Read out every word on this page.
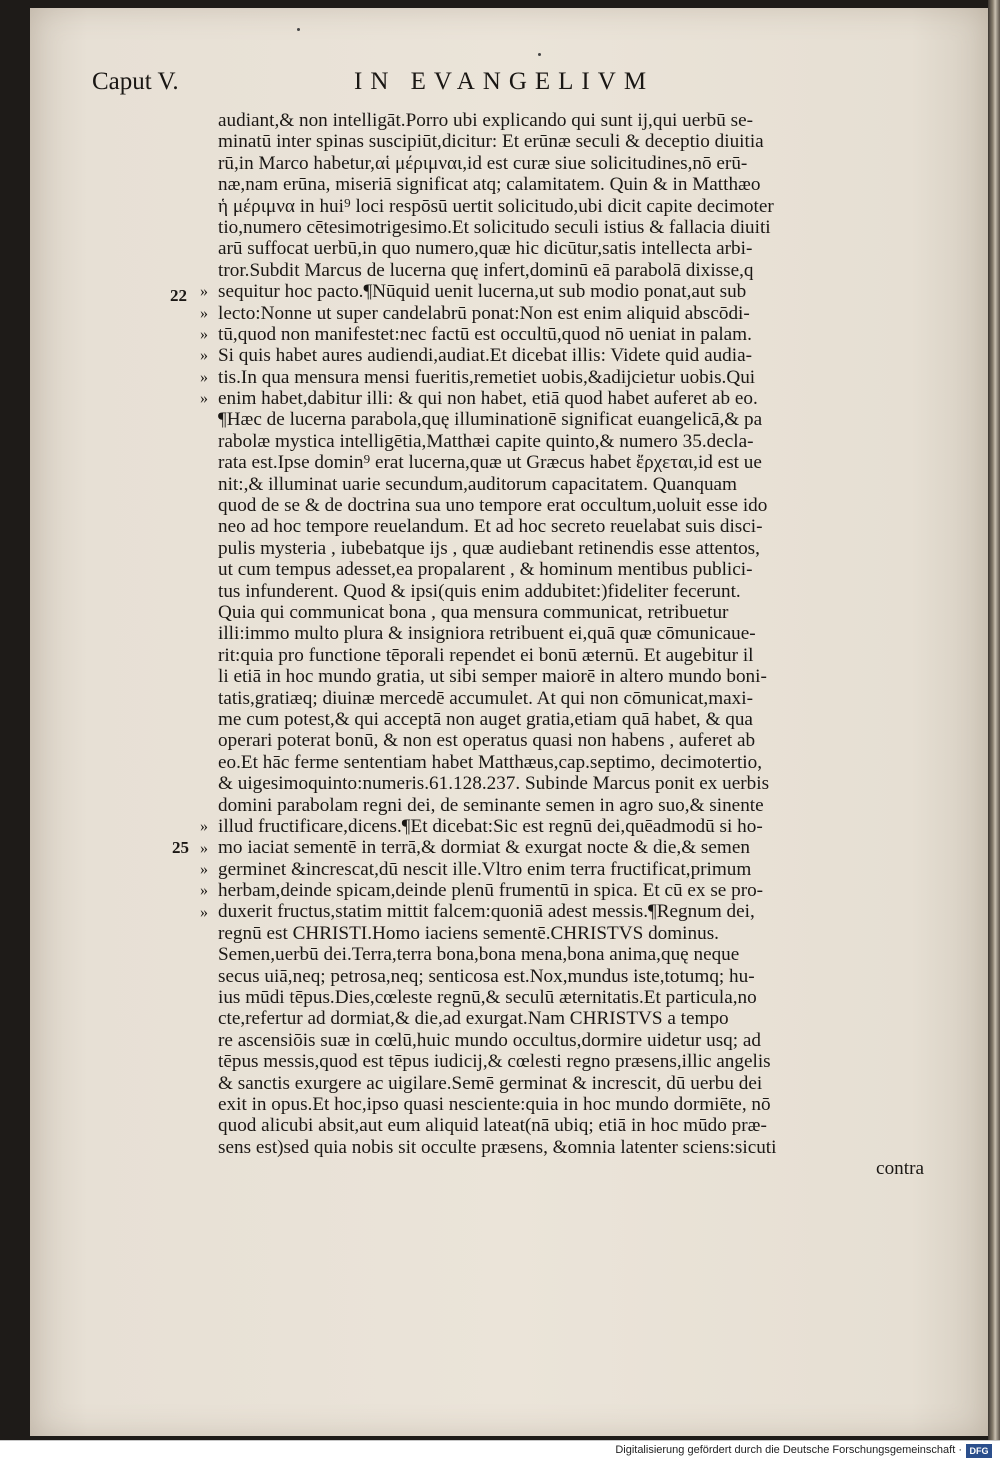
Caput V.	IN EVANGELIVM
22
25
»
»
»
»
»
»
»
»
»
»
»
audiant,& non intelligāt.Porro ubi explicando qui sunt ij,qui uerbū se-
minatū inter spinas suscipiūt,dicitur: Et erūnæ seculi & deceptio diuitia
rū,in Marco habetur,αἱ μέριμναι,id est curæ siue solicitudines,nō erū-
næ,nam erūna, miseriā significat atq; calamitatem. Quin & in Matthæo
ἡ μέριμνα in hui⁹ loci respōsū uertit solicitudo,ubi dicit capite decimoter
tio,numero cētesimotrigesimo.Et solicitudo seculi istius & fallacia diuiti
arū suffocat uerbū,in quo numero,quæ hic dicūtur,satis intellecta arbi-
tror.Subdit Marcus de lucerna quę infert,dominū eā parabolā dixisse,q
sequitur hoc pacto.¶Nūquid uenit lucerna,ut sub modio ponat,aut sub
lecto:Nonne ut super candelabrū ponat:Non est enim aliquid abscōdi-
tū,quod non manifestet:nec factū est occultū,quod nō ueniat in palam.
Si quis habet aures audiendi,audiat.Et dicebat illis: Videte quid audia-
tis.In qua mensura mensi fueritis,remetiet uobis,&adijcietur uobis.Qui
enim habet,dabitur illi: & qui non habet, etiā quod habet auferet ab eo.
¶Hæc de lucerna parabola,quę illuminationē significat euangelicā,& pa
rabolæ mystica intelligētia,Matthæi capite quinto,& numero 35.decla-
rata est.Ipse domin⁹ erat lucerna,quæ ut Græcus habet ἔρχεται,id est ue
nit:,& illuminat uarie secundum,auditorum capacitatem. Quanquam
quod de se & de doctrina sua uno tempore erat occultum,uoluit esse ido
neo ad hoc tempore reuelandum. Et ad hoc secreto reuelabat suis disci-
pulis mysteria , iubebatque ijs , quæ audiebant retinendis esse attentos,
ut cum tempus adesset,ea propalarent , & hominum mentibus publici-
tus infunderent. Quod & ipsi(quis enim addubitet:)fideliter fecerunt.
Quia qui communicat bona , qua mensura communicat, retribuetur
illi:immo multo plura & insigniora retribuent ei,quā quæ cōmunicaue-
rit:quia pro functione tēporali rependet ei bonū æternū. Et augebitur il
li etiā in hoc mundo gratia, ut sibi semper maiorē in altero mundo boni-
tatis,gratiæq; diuinæ mercedē accumulet. At qui non cōmunicat,maxi-
me cum potest,& qui acceptā non auget gratia,etiam quā habet, & qua
operari poterat bonū, & non est operatus quasi non habens , auferet ab
eo.Et hāc ferme sententiam habet Matthæus,cap.septimo, decimotertio,
& uigesimoquinto:numeris.61.128.237. Subinde Marcus ponit ex uerbis
domini parabolam regni dei, de seminante semen in agro suo,& sinente
illud fructificare,dicens.¶Et dicebat:Sic est regnū dei,quēadmodū si ho-
mo iaciat sementē in terrā,& dormiat & exurgat nocte & die,& semen
germinet &increscat,dū nescit ille.Vltro enim terra fructificat,primum
herbam,deinde spicam,deinde plenū frumentū in spica. Et cū ex se pro-
duxerit fructus,statim mittit falcem:quoniā adest messis.¶Regnum dei,
regnū est CHRISTI.Homo iaciens sementē.CHRISTVS dominus.
Semen,uerbū dei.Terra,terra bona,bona mena,bona anima,quę neque
secus uiā,neq; petrosa,neq; senticosa est.Nox,mundus iste,totumq; hu-
ius mūdi tēpus.Dies,cœleste regnū,& seculū æternitatis.Et particula,no
cte,refertur ad dormiat,& die,ad exurgat.Nam CHRISTVS a tempo
re ascensiōis suæ in cœlū,huic mundo occultus,dormire uidetur usq; ad
tēpus messis,quod est tēpus iudicij,& cœlesti regno præsens,illic angelis
& sanctis exurgere ac uigilare.Semē germinat & increscit, dū uerbu dei
exit in opus.Et hoc,ipso quasi nesciente:quia in hoc mundo dormiēte, nō
quod alicubi absit,aut eum aliquid lateat(nā ubiq; etiā in hoc mūdo præ-
sens est)sed quia nobis sit occulte præsens, &omnia latenter sciens:sicuti
contra
Digitalisierung gefördert durch die Deutsche Forschungsgemeinschaft · DFG
